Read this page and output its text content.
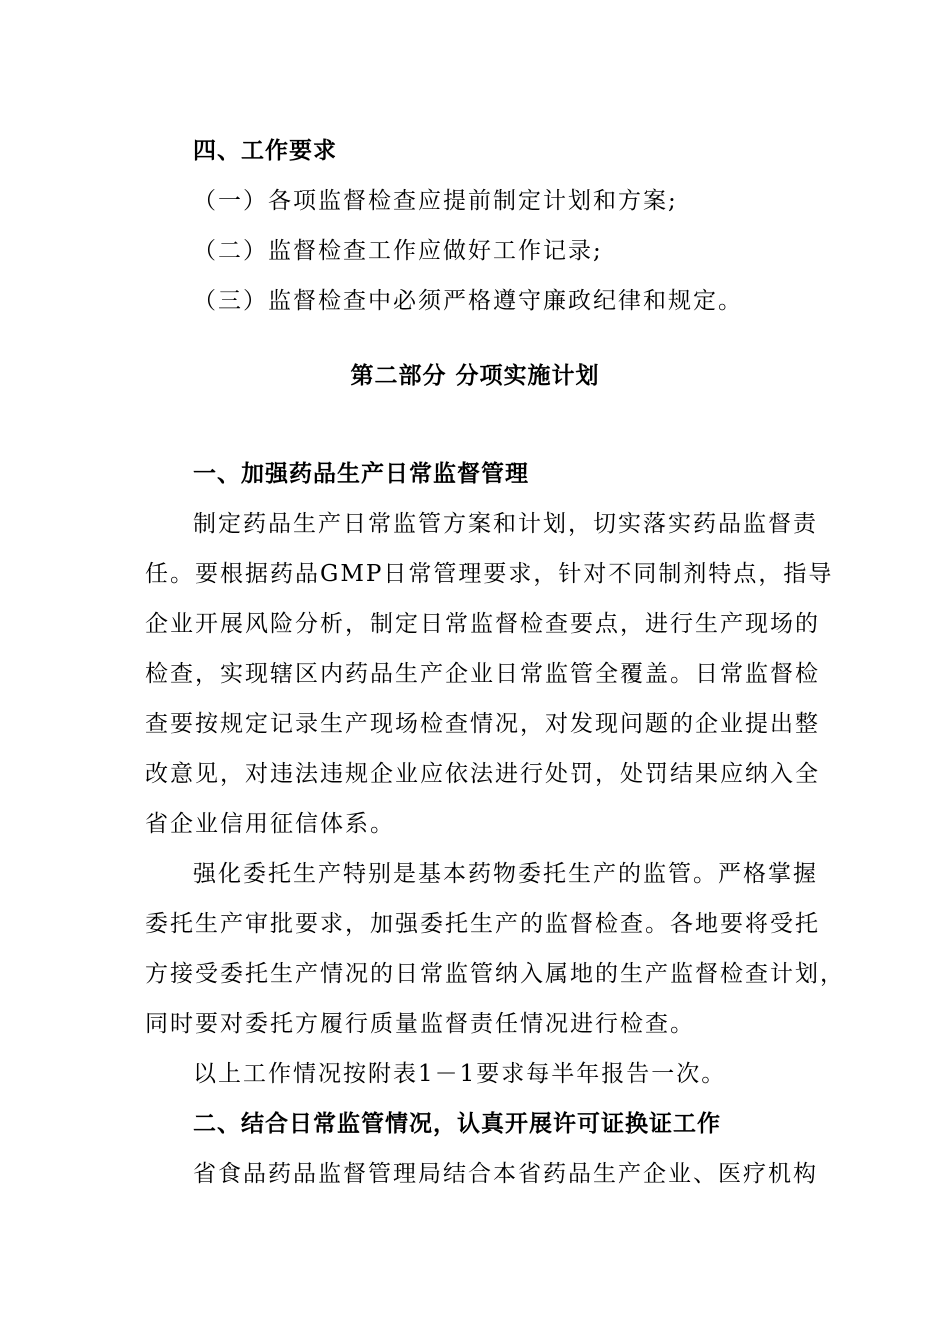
四、工作要求
（一）各项监督检查应提前制定计划和方案;
（二）监督检查工作应做好工作记录;
（三）监督检查中必须严格遵守廉政纪律和规定。
第二部分 分项实施计划
一、加强药品生产日常监督管理
制定药品生产日常监管方案和计划，切实落实药品监督责
任。要根据药品GMP日常管理要求，针对不同制剂特点，指导
企业开展风险分析，制定日常监督检查要点，进行生产现场的
检查，实现辖区内药品生产企业日常监管全覆盖。日常监督检
查要按规定记录生产现场检查情况，对发现问题的企业提出整
改意见，对违法违规企业应依法进行处罚，处罚结果应纳入全
省企业信用征信体系。
强化委托生产特别是基本药物委托生产的监管。严格掌握
委托生产审批要求，加强委托生产的监督检查。各地要将受托
方接受委托生产情况的日常监管纳入属地的生产监督检查计划，
同时要对委托方履行质量监督责任情况进行检查。
以上工作情况按附表1－1要求每半年报告一次。
二、结合日常监管情况，认真开展许可证换证工作
省食品药品监督管理局结合本省药品生产企业、医疗机构
